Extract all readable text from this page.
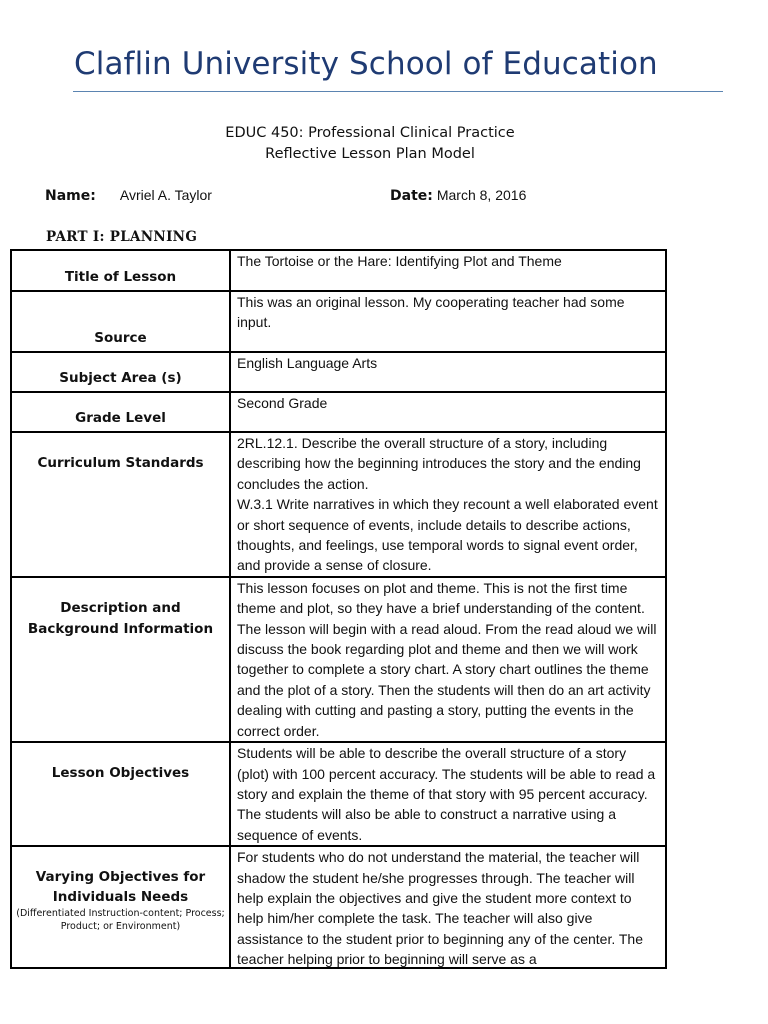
Claflin University School of Education
EDUC 450: Professional Clinical Practice
Reflective Lesson Plan Model
Name: Avriel A. Taylor	Date: March 8, 2016
PART I: PLANNING
Title of Lesson	The Tortoise or the Hare: Identifying Plot and Theme
Source	This was an original lesson. My cooperating teacher had some input.
Subject Area (s)	English Language Arts
Grade Level	Second Grade
Curriculum Standards	2RL.12.1. Describe the overall structure of a story, including describing how the beginning introduces the story and the ending concludes the action.
W.3.1 Write narratives in which they recount a well elaborated event or short sequence of events, include details to describe actions, thoughts, and feelings, use temporal words to signal event order, and provide a sense of closure.

Description and Background Information	This lesson focuses on plot and theme. This is not the first time theme and plot, so they have a brief understanding of the content. The lesson will begin with a read aloud. From the read aloud we will discuss the book regarding plot and theme and then we will work together to complete a story chart. A story chart outlines the theme and the plot of a story. Then the students will then do an art activity dealing with cutting and pasting a story, putting the events in the correct order.
Lesson Objectives	Students will be able to describe the overall structure of a story (plot) with 100 percent accuracy. The students will be able to read a story and explain the theme of that story with 95 percent accuracy. The students will also be able to construct a narrative using a sequence of events.
Varying Objectives for Individuals Needs
(Differentiated Instruction-content; Process; Product; or Environment)	For students who do not understand the material, the teacher will shadow the student he/she progresses through. The teacher will help explain the objectives and give the student more context to help him/her complete the task. The teacher will also give assistance to the student prior to beginning any of the center. The teacher helping prior to beginning will serve as a
